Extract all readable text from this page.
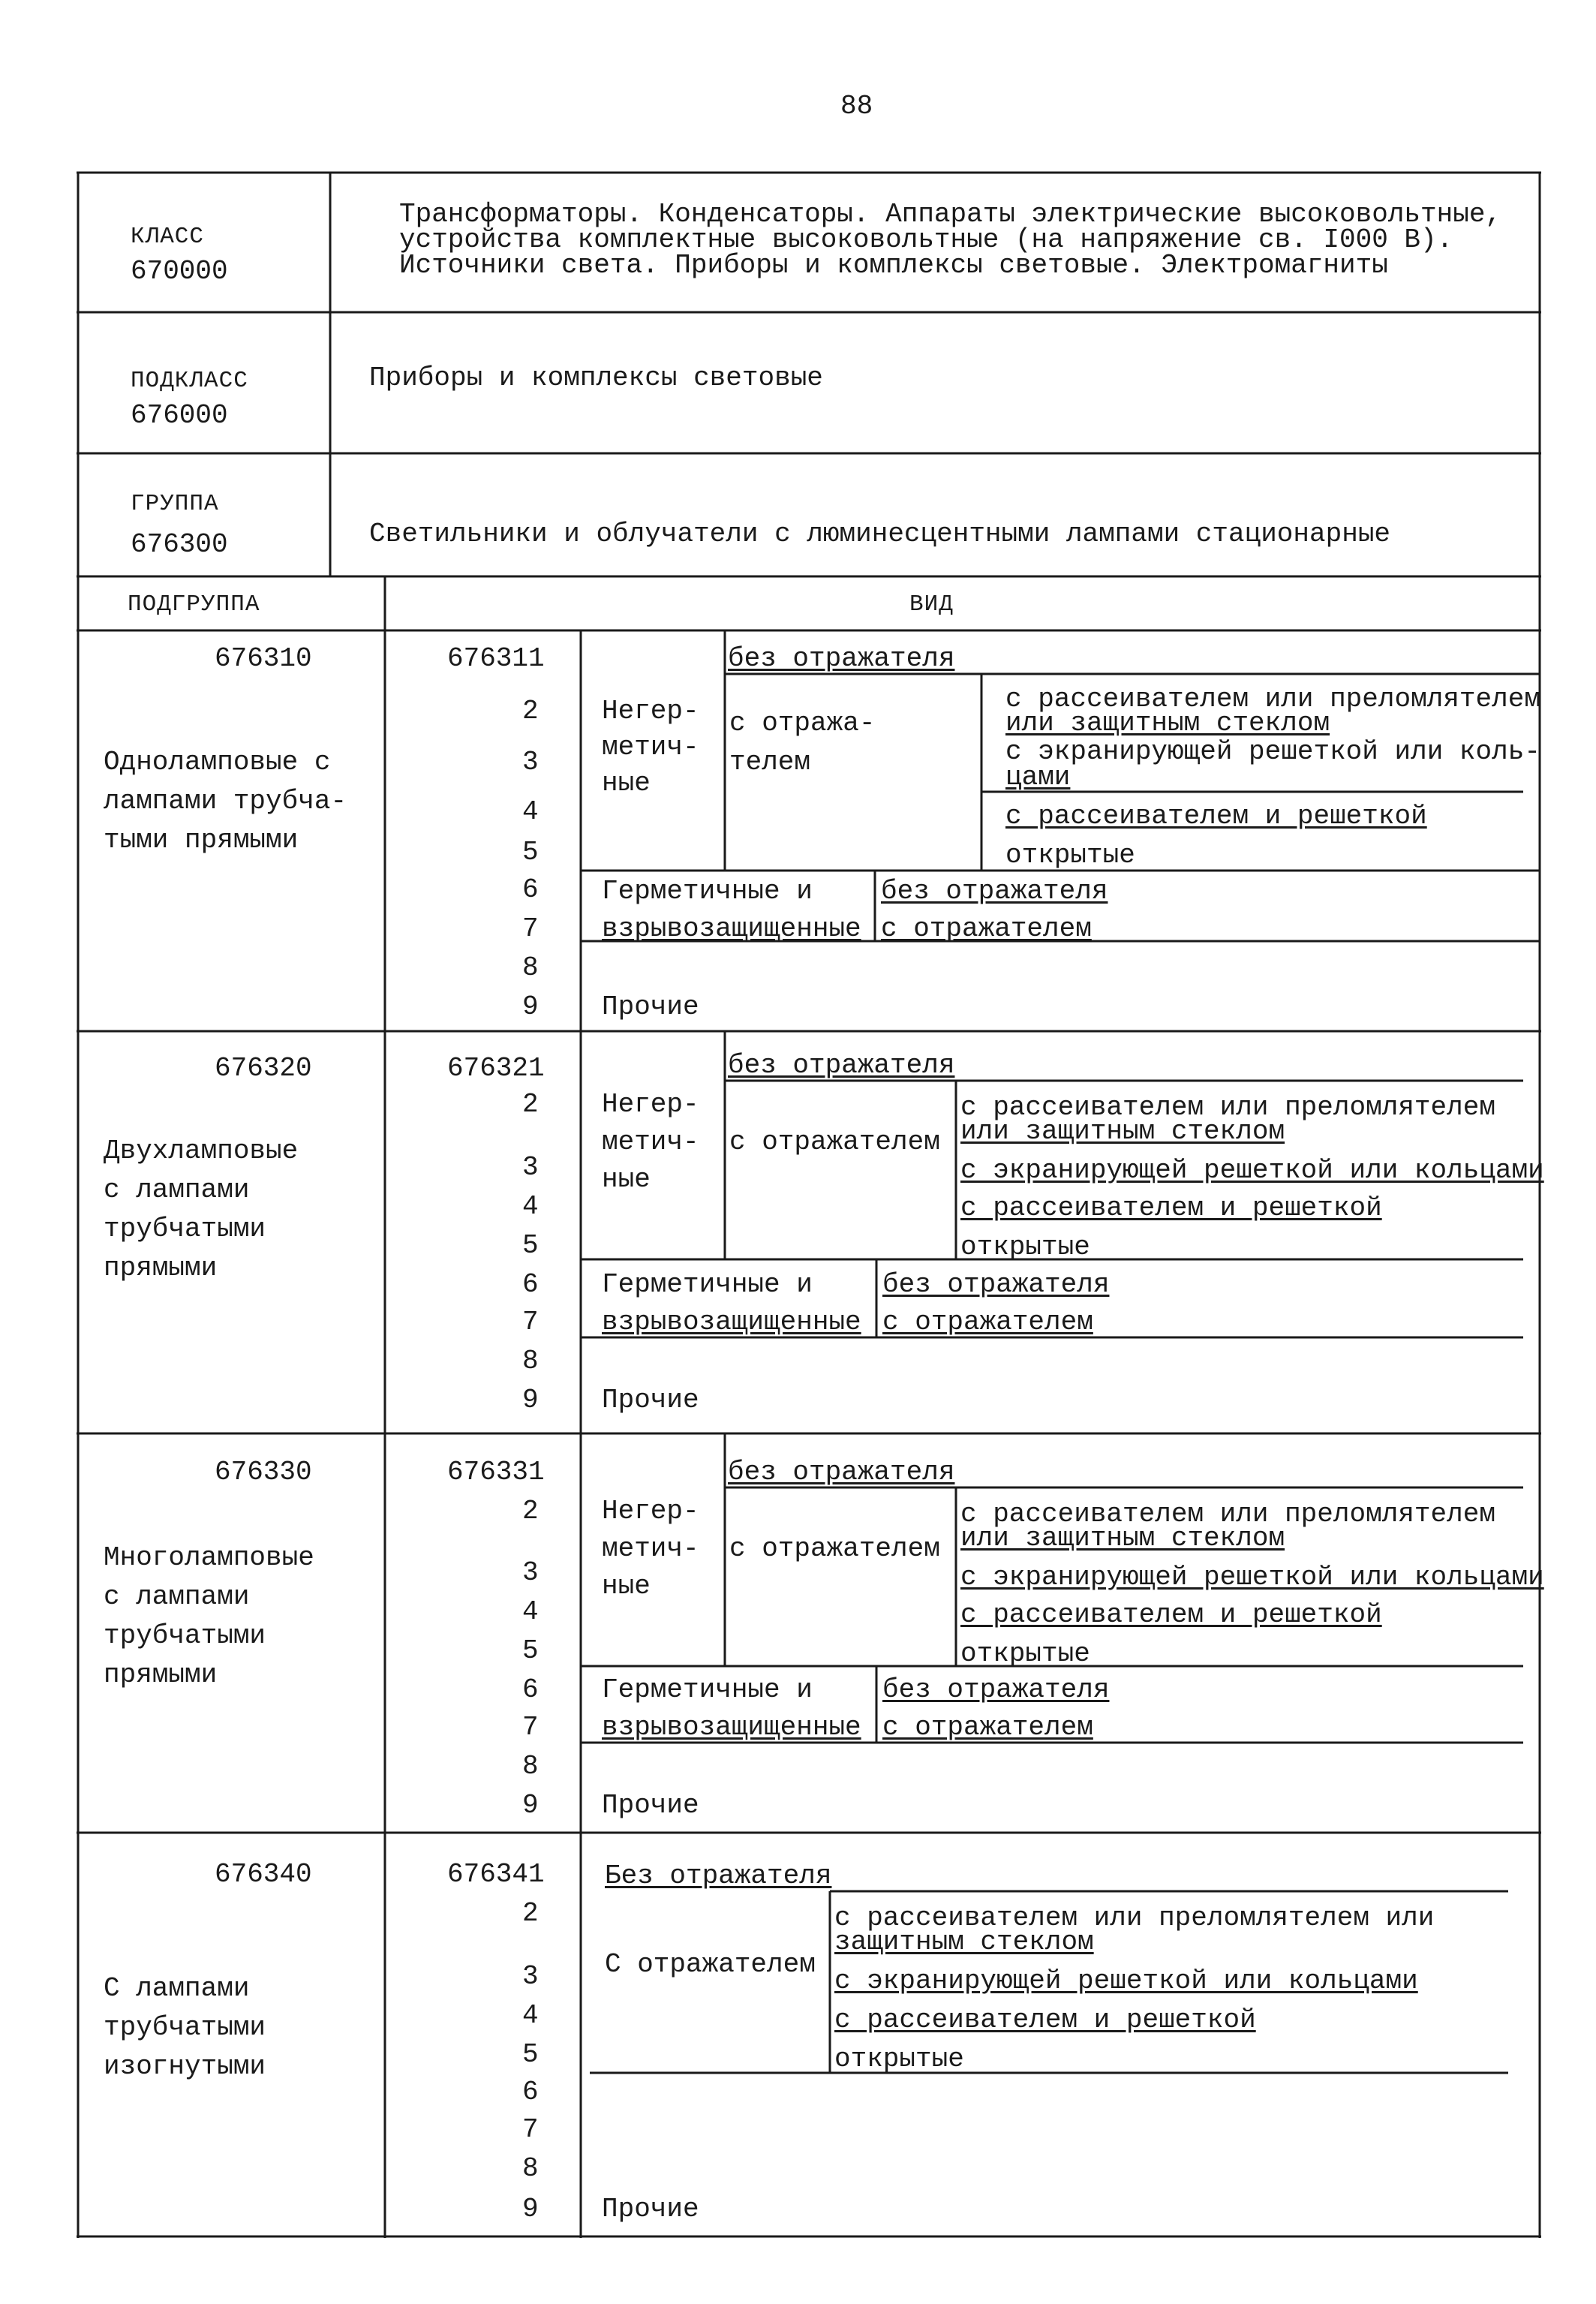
88
КЛАСС
670000
Трансформаторы. Конденсаторы. Аппараты электрические высоковольтные,
устройства комплектные высоковольтные (на напряжение св. I000 В).
Источники света. Приборы и комплексы световые. Электромагниты
ПОДКЛАСС
676000
Приборы и комплексы световые
ГРУППА
676300	Светильники и облучатели с люминесцентными лампами стационарные
ПОДГРУППА	ВИД
676310
Одноламповые с
лампами трубча-
тыми прямыми
676311
2
3
4
5
6
7
8
9
Негер-
метич-
ные
без отражателя
с отража-
телем
с рассеивателем или преломлятелем
или защитным стеклом
с экранирующей решеткой или коль-
цами
с рассеивателем и решеткой
открытые
Герметичные и
взрывозащищенные
без отражателя
с отражателем
Прочие
676320
Двухламповые
с лампами
трубчатыми
прямыми
676321
2
3
4
5
6
7
8
9
Негер-
метич-
ные
без отражателя
с отражателем
с рассеивателем или преломлятелем
или защитным стеклом
с экранирующей решеткой или кольцами
с рассеивателем и решеткой
открытые
Герметичные и
взрывозащищенные
без отражателя
с отражателем
Прочие
676330
Многоламповые
с лампами
трубчатыми
прямыми
676331
2
3
4
5
6
7
8
9
Негер-
метич-
ные
без отражателя
с отражателем
с рассеивателем или преломлятелем
или защитным стеклом
с экранирующей решеткой или кольцами
с рассеивателем и решеткой
открытые
Герметичные и
взрывозащищенные
без отражателя
с отражателем
Прочие
676340
С лампами
трубчатыми
изогнутыми
676341
2
3
4
5
6
7
8
9
Без отражателя
С отражателем
с рассеивателем или преломлятелем или
защитным стеклом
с экранирующей решеткой или кольцами
с рассеивателем и решеткой
открытые
Прочие
